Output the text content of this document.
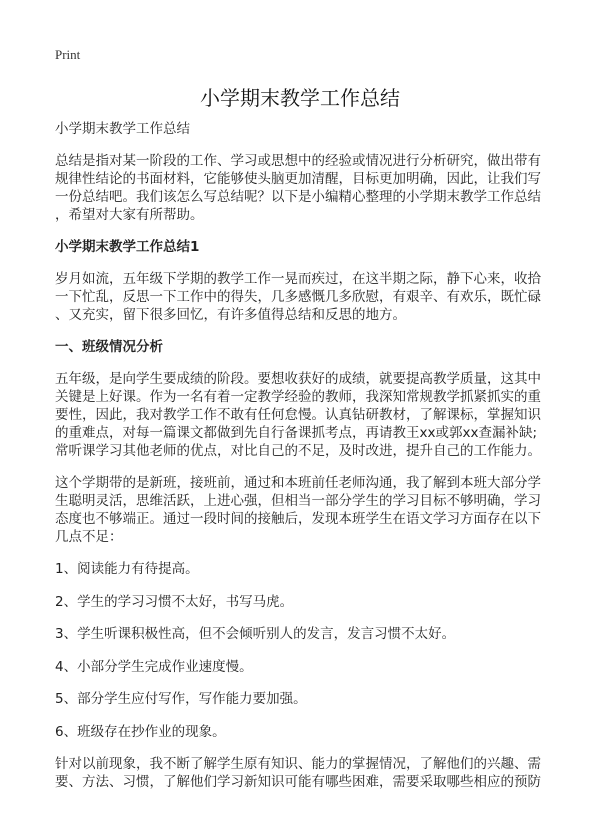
Print
小学期末教学工作总结
小学期末教学工作总结
总结是指对某一阶段的工作、学习或思想中的经验或情况进行分析研究，做出带有
规律性结论的书面材料，它能够使头脑更加清醒，目标更加明确，因此，让我们写
一份总结吧。我们该怎么写总结呢？以下是小编精心整理的小学期末教学工作总结
，希望对大家有所帮助。
小学期末教学工作总结1
岁月如流，五年级下学期的教学工作一晃而疾过，在这半期之际，静下心来，收拾
一下忙乱，反思一下工作中的得失，几多感慨几多欣慰，有艰辛、有欢乐，既忙碌
、又充实，留下很多回忆，有许多值得总结和反思的地方。
一、班级情况分析
五年级，是向学生要成绩的阶段。要想收获好的成绩，就要提高教学质量，这其中
关键是上好课。作为一名有着一定教学经验的教师，我深知常规教学抓紧抓实的重
要性，因此，我对教学工作不敢有任何怠慢。认真钻研教材，了解课标，掌握知识
的重难点，对每一篇课文都做到先自行备课抓考点，再请教王xx或郭xx查漏补缺;
常听课学习其他老师的优点，对比自己的不足，及时改进，提升自己的工作能力。
这个学期带的是新班，接班前，通过和本班前任老师沟通，我了解到本班大部分学
生聪明灵活，思维活跃，上进心强，但相当一部分学生的学习目标不够明确，学习
态度也不够端正。通过一段时间的接触后，发现本班学生在语文学习方面存在以下
几点不足：
1、阅读能力有待提高。
2、学生的学习习惯不太好，书写马虎。
3、学生听课积极性高，但不会倾听别人的发言，发言习惯不太好。
4、小部分学生完成作业速度慢。
5、部分学生应付写作，写作能力要加强。
6、班级存在抄作业的现象。
针对以前现象，我不断了解学生原有知识、能力的掌握情况，了解他们的兴趣、需
要、方法、习惯，了解他们学习新知识可能有哪些困难，需要采取哪些相应的预防
